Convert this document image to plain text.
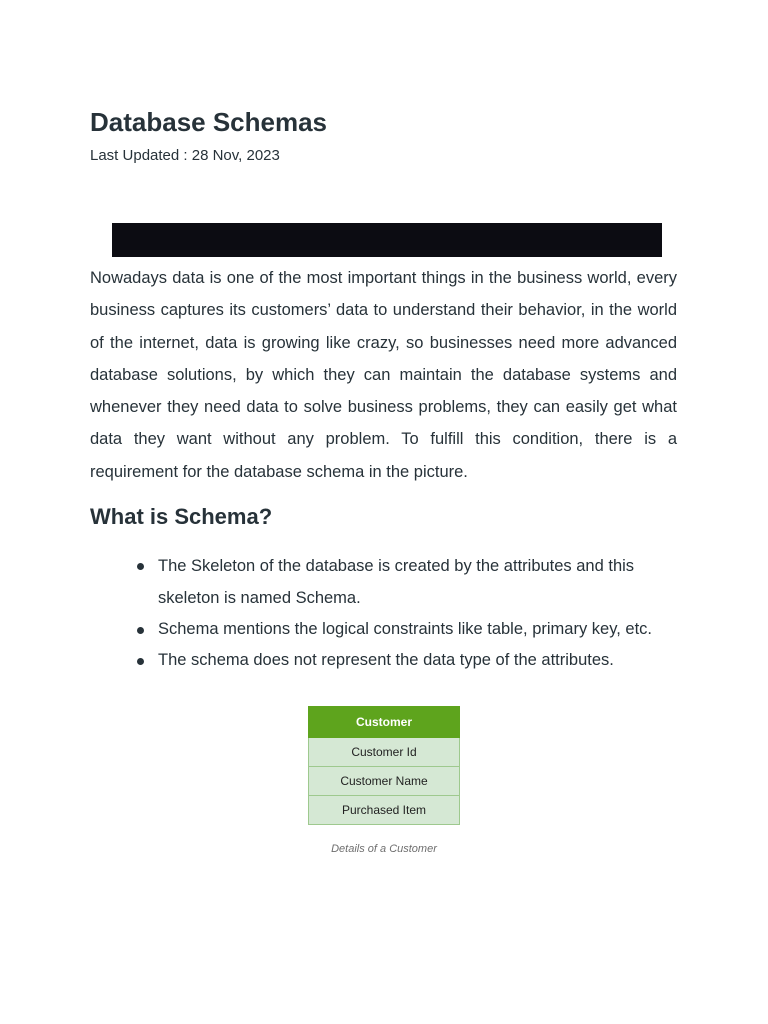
Database Schemas
Last Updated : 28 Nov, 2023

Nowadays data is one of the most important things in the business world, every business captures its customers’ data to understand their behavior, in the world of the internet, data is growing like crazy, so businesses need more advanced database solutions, by which they can maintain the database systems and whenever they need data to solve business problems, they can easily get what data they want without any problem. To fulfill this condition, there is a requirement for the database schema in the picture.

What is Schema?
The Skeleton of the database is created by the attributes and this skeleton is named Schema.
Schema mentions the logical constraints like table, primary key, etc.
The schema does not represent the data type of the attributes.
Customer
Customer Id
Customer Name
Purchased Item
Details of a Customer
